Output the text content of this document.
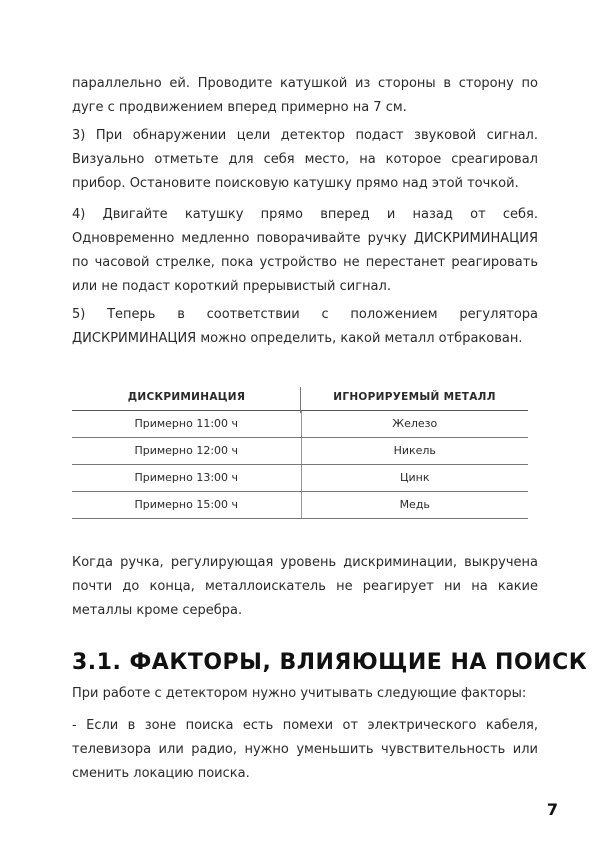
параллельно ей. Проводите катушкой из стороны в сторону по дуге с продвижением вперед примерно на 7 см.

3) При обнаружении цели детектор подаст звуковой сигнал. Визуально отметьте для себя место, на которое среагировал прибор. Остановите поисковую катушку прямо над этой точкой.

4) Двигайте катушку прямо вперед и назад от себя. Одновременно медленно поворачивайте ручку ДИСКРИМИНАЦИЯ по часовой стрелке, пока устройство не перестанет реагировать или не подаст короткий прерывистый сигнал.

5) Теперь в соответствии с положением регулятора ДИСКРИМИНАЦИЯ можно определить, какой металл отбракован.

ДИСКРИМИНАЦИЯ	ИГНОРИРУЕМЫЙ МЕТАЛЛ
Примерно 11:00 ч	Железо
Примерно 12:00 ч	Никель
Примерно 13:00 ч	Цинк
Примерно 15:00 ч	Медь

Когда ручка, регулирующая уровень дискриминации, выкручена почти до конца, металлоискатель не реагирует ни на какие металлы кроме серебра.

3.1. ФАКТОРЫ, ВЛИЯЮЩИЕ НА ПОИСК

При работе с детектором нужно учитывать следующие факторы:

- Если в зоне поиска есть помехи от электрического кабеля, телевизора или радио, нужно уменьшить чувствительность или сменить локацию поиска.

7
